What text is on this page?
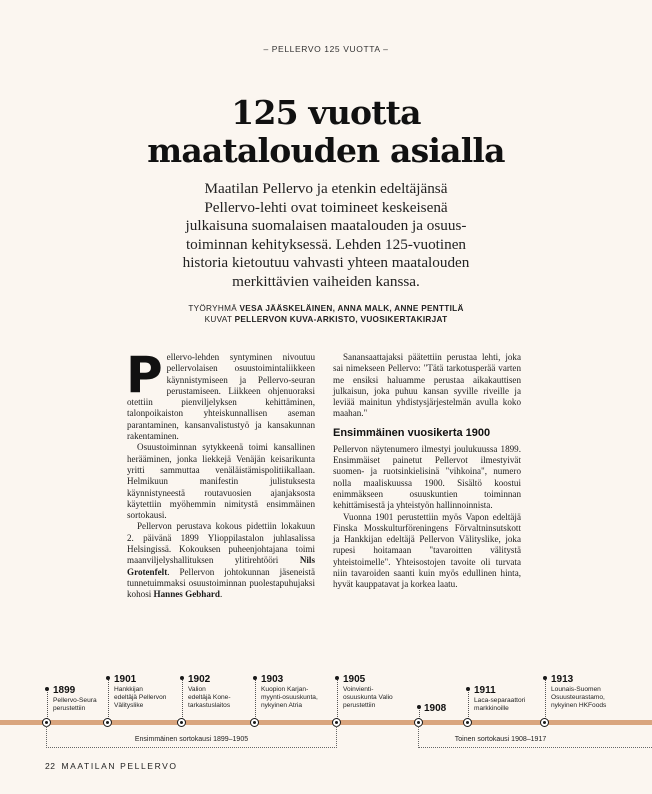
– PELLERVO 125 VUOTTA –
125 vuotta
maatalouden asialla
Maatilan Pellervo ja etenkin edeltäjänsä
Pellervo-lehti ovat toimineet keskeisenä
julkaisuna suomalaisen maatalouden ja osuus-
toiminnan kehityksessä. Lehden 125-vuotinen
historia kietoutuu vahvasti yhteen maatalouden
merkittävien vaiheiden kanssa.
TYÖRYHMÄ VESA JÄÄSKELÄINEN, ANNA MALK, ANNE PENTTILÄ
KUVAT PELLERVON KUVA-ARKISTO, VUOSIKERTAKIRJAT

Pellervo-lehden syntyminen nivoutuu pellervolaisen osuustoimintaliikkeen käynnistymiseen ja Pellervo-seuran perustamiseen. Liikkeen ohjenuoraksi otettiin pienviljelyksen kehittäminen, talonpoikaiston yhteiskunnallisen aseman parantaminen, kansanvalistustyö ja kansakunnan rakentaminen.

Osuustoiminnan sytykkeenä toimi kansallinen herääminen, jonka liekkejä Venäjän keisarikunta yritti sammuttaa venäläistämispolitiikallaan. Helmikuun manifestin julistuksesta käynnistyneestä routavuosien ajanjaksosta käytettiin myöhemmin nimitystä ensimmäinen sortokausi.

Pellervon perustava kokous pidettiin lokakuun 2. päivänä 1899 Ylioppilastalon juhlasalissa Helsingissä. Kokouksen puheenjohtajana toimi maanviljelyshallituksen ylitirehtööri Nils Grotenfelt. Pellervon johtokunnan jäseneistä tunnetuimmaksi osuustoiminnan puolestapuhujaksi kohosi Hannes Gebhard.

Sanansaattajaksi päätettiin perustaa lehti, joka sai nimekseen Pellervo: "Tätä tarkotusperää varten me ensiksi haluamme perustaa aikakauttisen julkaisun, joka puhuu kansan syville riveille ja leviää mainitun yhdistysjärjestelmän avulla koko maahan."

Ensimmäinen vuosikerta 1900

Pellervon näytenumero ilmestyi joulukuussa 1899. Ensimmäiset painetut Pellervot ilmestyivät suomen- ja ruotsinkielisinä "vihkoina", numero nolla maaliskuussa 1900. Sisältö koostui enimmäkseen osuuskuntien toiminnan kehittämisestä ja yhteistyön hallinnoinnista.

Vuonna 1901 perustettiin myös Vapon edeltäjä Finska Mosskulturföreningens Förvaltninsutskott ja Hankkijan edeltäjä Pellervon Välityslike, joka rupesi hoitamaan "tavaroitten välitystä yhteistoimelle". Yhteisostojen tavoite oli turvata niin tavaroiden saanti kuin myös edullinen hinta, hyvät kauppatavat ja korkea laatu.

1899
Pellervo-Seura
perustettiin
1901
Hankkijan
edeltäjä Pellervon
Välityslike
1902
Valion
edeltäjä Kone-
tarkastuslaitos
1903
Kuopion Karjan-
myynti-osuuskunta,
nykyinen Atria
1905
Voinvienti-
osuuskunta Valio
perustettiin	1908
1911
Laca-separaattori
markkinoille
1913
Lounais-Suomen
Osuusteurastamo,
nykyinen HKFoods
Ensimmäinen sortokausi 1899–1905	Toinen sortokausi 1908–1917
22 MAATILAN PELLERVO
